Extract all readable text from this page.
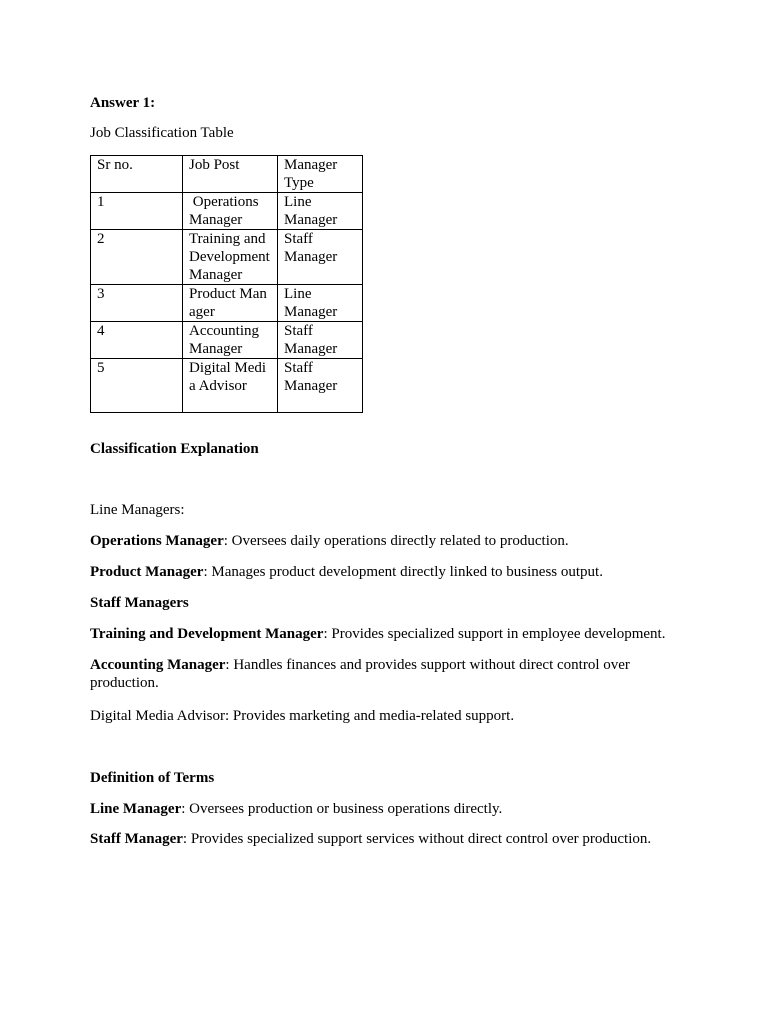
Answer 1:
Job Classification Table
Sr no.	Job Post	Manager Type
1	Operations Manager	Line Manager
2	Training and Development Manager	Staff Manager
3	Product Manager	Line Manager
4	Accounting Manager	Staff Manager
5	Digital Media Advisor	Staff Manager
Classification Explanation
Line Managers:
Operations Manager: Oversees daily operations directly related to production.
Product Manager: Manages product development directly linked to business output.
Staff Managers
Training and Development Manager: Provides specialized support in employee development.
Accounting Manager: Handles finances and provides support without direct control over production.
Digital Media Advisor: Provides marketing and media-related support.
Definition of Terms
Line Manager: Oversees production or business operations directly.
Staff Manager: Provides specialized support services without direct control over production.
